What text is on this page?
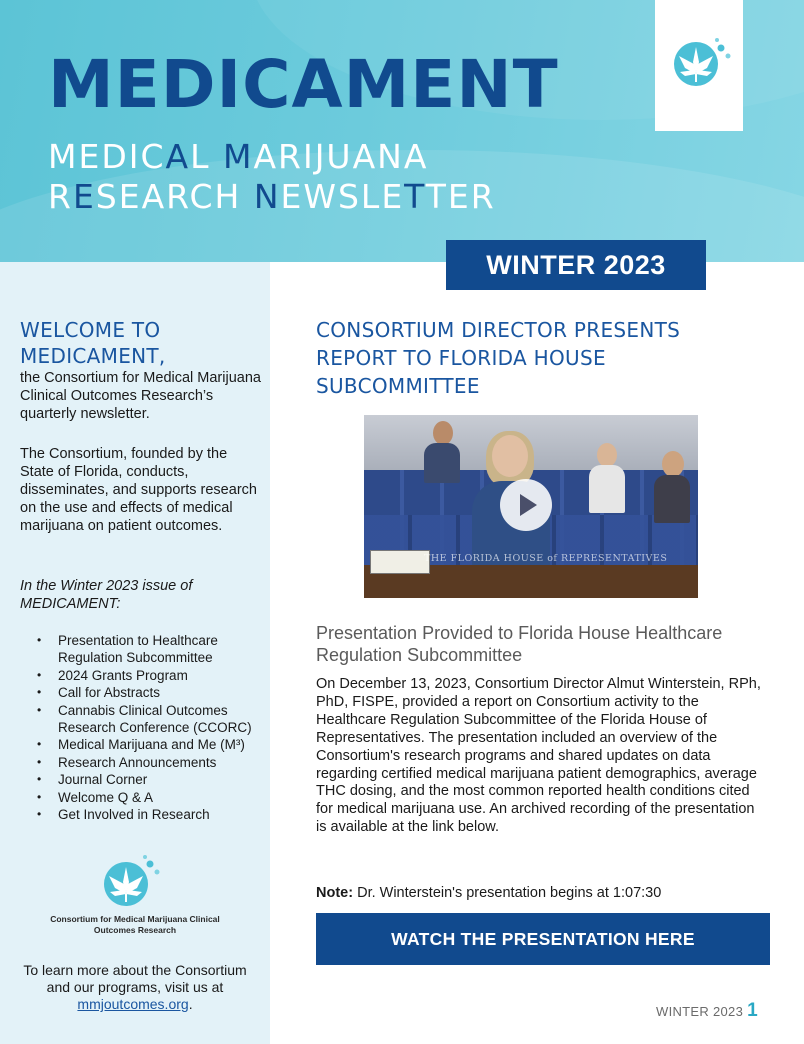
MEDICAMENT
MEDICAL MARIJUANA
RESEARCH NEWSLETTER
WINTER 2023
WELCOME TO MEDICAMENT,
the Consortium for Medical Marijuana Clinical Outcomes Research’s quarterly newsletter.
The Consortium, founded by the State of Florida, conducts, disseminates, and supports research on the use and effects of medical marijuana on patient outcomes.
In the Winter 2023 issue of MEDICAMENT:
• Presentation to Healthcare Regulation Subcommittee
• 2024 Grants Program
• Call for Abstracts
• Cannabis Clinical Outcomes Research Conference (CCORC)
• Medical Marijuana and Me (M³)
• Research Announcements
• Journal Corner
• Welcome Q & A
• Get Involved in Research
Consortium for Medical Marijuana Clinical Outcomes Research
To learn more about the Consortium and our programs, visit us at mmjoutcomes.org.
CONSORTIUM DIRECTOR PRESENTS REPORT TO FLORIDA HOUSE SUBCOMMITTEE
THE FLORIDA HOUSE of REPRESENTATIVES
Presentation Provided to Florida House Healthcare Regulation Subcommittee
On December 13, 2023, Consortium Director Almut Winterstein, RPh, PhD, FISPE, provided a report on Consortium activity to the Healthcare Regulation Subcommittee of the Florida House of Representatives. The presentation included an overview of the Consortium's research programs and shared updates on data regarding certified medical marijuana patient demographics, average THC dosing, and the most common reported health conditions cited for medical marijuana use. An archived recording of the presentation is available at the link below.
Note: Dr. Winterstein's presentation begins at 1:07:30
WATCH THE PRESENTATION HERE
WINTER 2023 1
